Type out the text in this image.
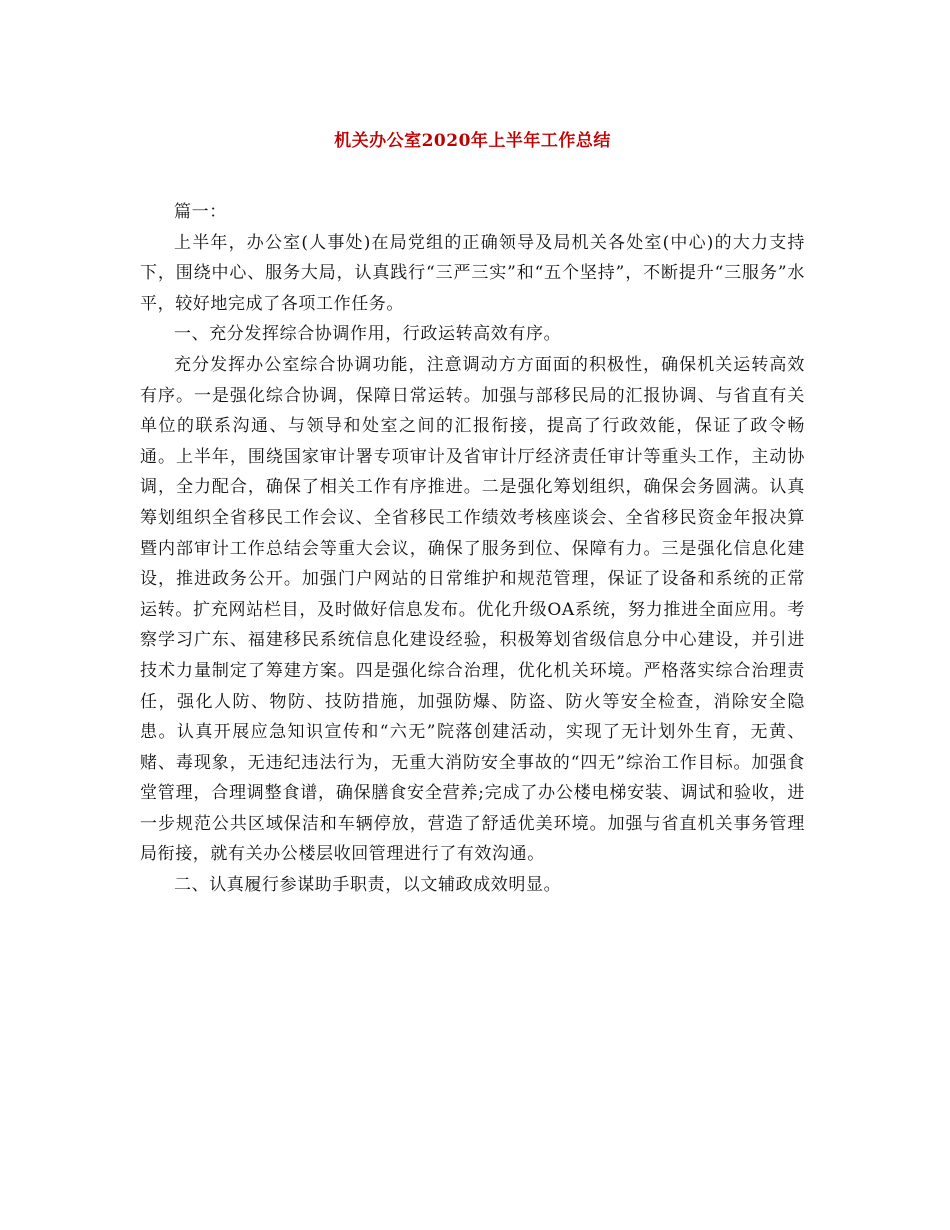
机关办公室2020年上半年工作总结

篇一：

上半年，办公室(人事处)在局党组的正确领导及局机关各处室(中心)的大力支持下，围绕中心、服务大局，认真践行“三严三实”和“五个坚持”，不断提升“三服务”水平，较好地完成了各项工作任务。

一、充分发挥综合协调作用，行政运转高效有序。

充分发挥办公室综合协调功能，注意调动方方面面的积极性，确保机关运转高效有序。一是强化综合协调，保障日常运转。加强与部移民局的汇报协调、与省直有关单位的联系沟通、与领导和处室之间的汇报衔接，提高了行政效能，保证了政令畅通。上半年，围绕国家审计署专项审计及省审计厅经济责任审计等重头工作，主动协调，全力配合，确保了相关工作有序推进。二是强化筹划组织，确保会务圆满。认真筹划组织全省移民工作会议、全省移民工作绩效考核座谈会、全省移民资金年报决算暨内部审计工作总结会等重大会议，确保了服务到位、保障有力。三是强化信息化建设，推进政务公开。加强门户网站的日常维护和规范管理，保证了设备和系统的正常运转。扩充网站栏目，及时做好信息发布。优化升级OA系统，努力推进全面应用。考察学习广东、福建移民系统信息化建设经验，积极筹划省级信息分中心建设，并引进技术力量制定了筹建方案。四是强化综合治理，优化机关环境。严格落实综合治理责任，强化人防、物防、技防措施，加强防爆、防盗、防火等安全检查，消除安全隐患。认真开展应急知识宣传和“六无”院落创建活动，实现了无计划外生育，无黄、赌、毒现象，无违纪违法行为，无重大消防安全事故的“四无”综治工作目标。加强食堂管理，合理调整食谱，确保膳食安全营养;完成了办公楼电梯安装、调试和验收，进一步规范公共区域保洁和车辆停放，营造了舒适优美环境。加强与省直机关事务管理局衔接，就有关办公楼层收回管理进行了有效沟通。

二、认真履行参谋助手职责，以文辅政成效明显。
